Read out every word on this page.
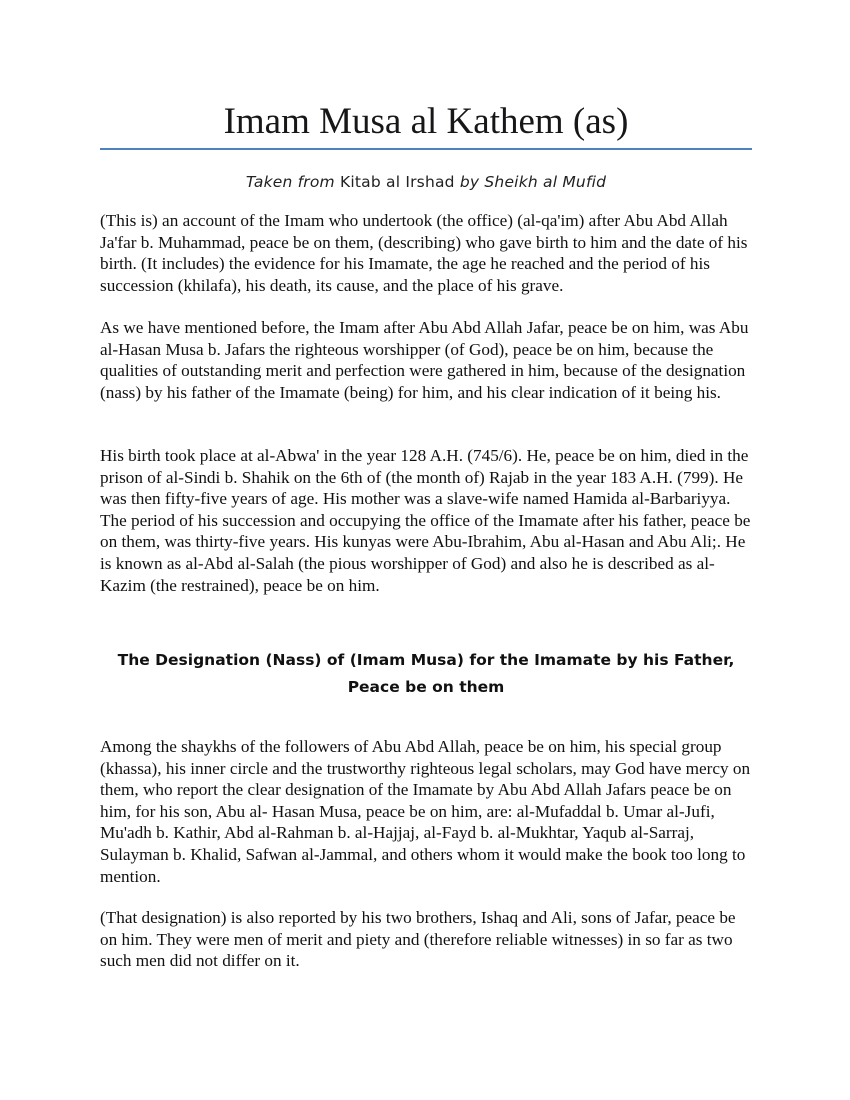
Imam Musa al Kathem (as)
Taken from Kitab al Irshad by Sheikh al Mufid

(This is) an account of the Imam who undertook (the office) (al-qa'im) after Abu Abd Allah Ja'far b. Muhammad, peace be on them, (describing) who gave birth to him and the date of his birth. (It includes) the evidence for his Imamate, the age he reached and the period of his succession (khilafa), his death, its cause, and the place of his grave.

As we have mentioned before, the Imam after Abu Abd Allah Jafar, peace be on him, was Abu al-Hasan Musa b. Jafars the righteous worshipper (of God), peace be on him, because the qualities of outstanding merit and perfection were gathered in him, because of the designation (nass) by his father of the Imamate (being) for him, and his clear indication of it being his.

His birth took place at al-Abwa' in the year 128 A.H. (745/6). He, peace be on him, died in the prison of al-Sindi b. Shahik on the 6th of (the month of) Rajab in the year 183 A.H. (799). He was then fifty-five years of age. His mother was a slave-wife named Hamida al-Barbariyya. The period of his succession and occupying the office of the Imamate after his father, peace be on them, was thirty-five years. His kunyas were Abu-Ibrahim, Abu al-Hasan and Abu Ali;. He is known as al-Abd al-Salah (the pious worshipper of God) and also he is described as al-Kazim (the restrained), peace be on him.

The Designation (Nass) of (Imam Musa) for the Imamate by his Father,
Peace be on them

Among the shaykhs of the followers of Abu Abd Allah, peace be on him, his special group (khassa), his inner circle and the trustworthy righteous legal scholars, may God have mercy on them, who report the clear designation of the Imamate by Abu Abd Allah Jafars peace be on him, for his son, Abu al- Hasan Musa, peace be on him, are: al-Mufaddal b. Umar al-Jufi, Mu'adh b. Kathir, Abd al-Rahman b. al-Hajjaj, al-Fayd b. al-Mukhtar, Yaqub al-Sarraj, Sulayman b. Khalid, Safwan al-Jammal, and others whom it would make the book too long to mention.

(That designation) is also reported by his two brothers, Ishaq and Ali, sons of Jafar, peace be on him. They were men of merit and piety and (therefore reliable witnesses) in so far as two such men did not differ on it.
